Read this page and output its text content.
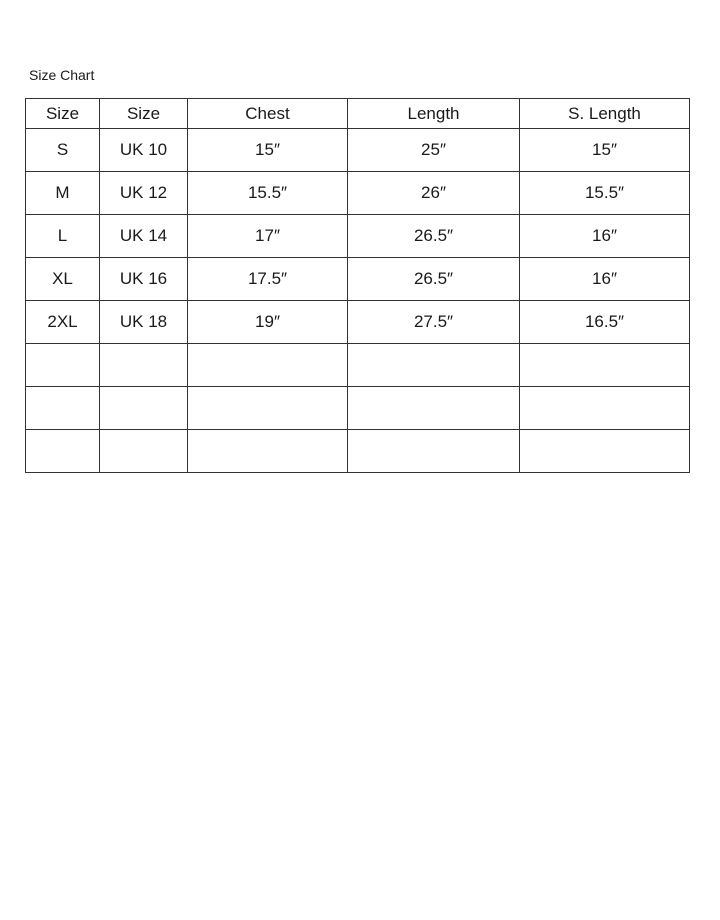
Size Chart
Size	Size	Chest	Length	S. Length
S	UK 10	15″	25″	15″
M	UK 12	15.5″	26″	15.5″
L	UK 14	17″	26.5″	16″
XL	UK 16	17.5″	26.5″	16″
2XL	UK 18	19″	27.5″	16.5″
